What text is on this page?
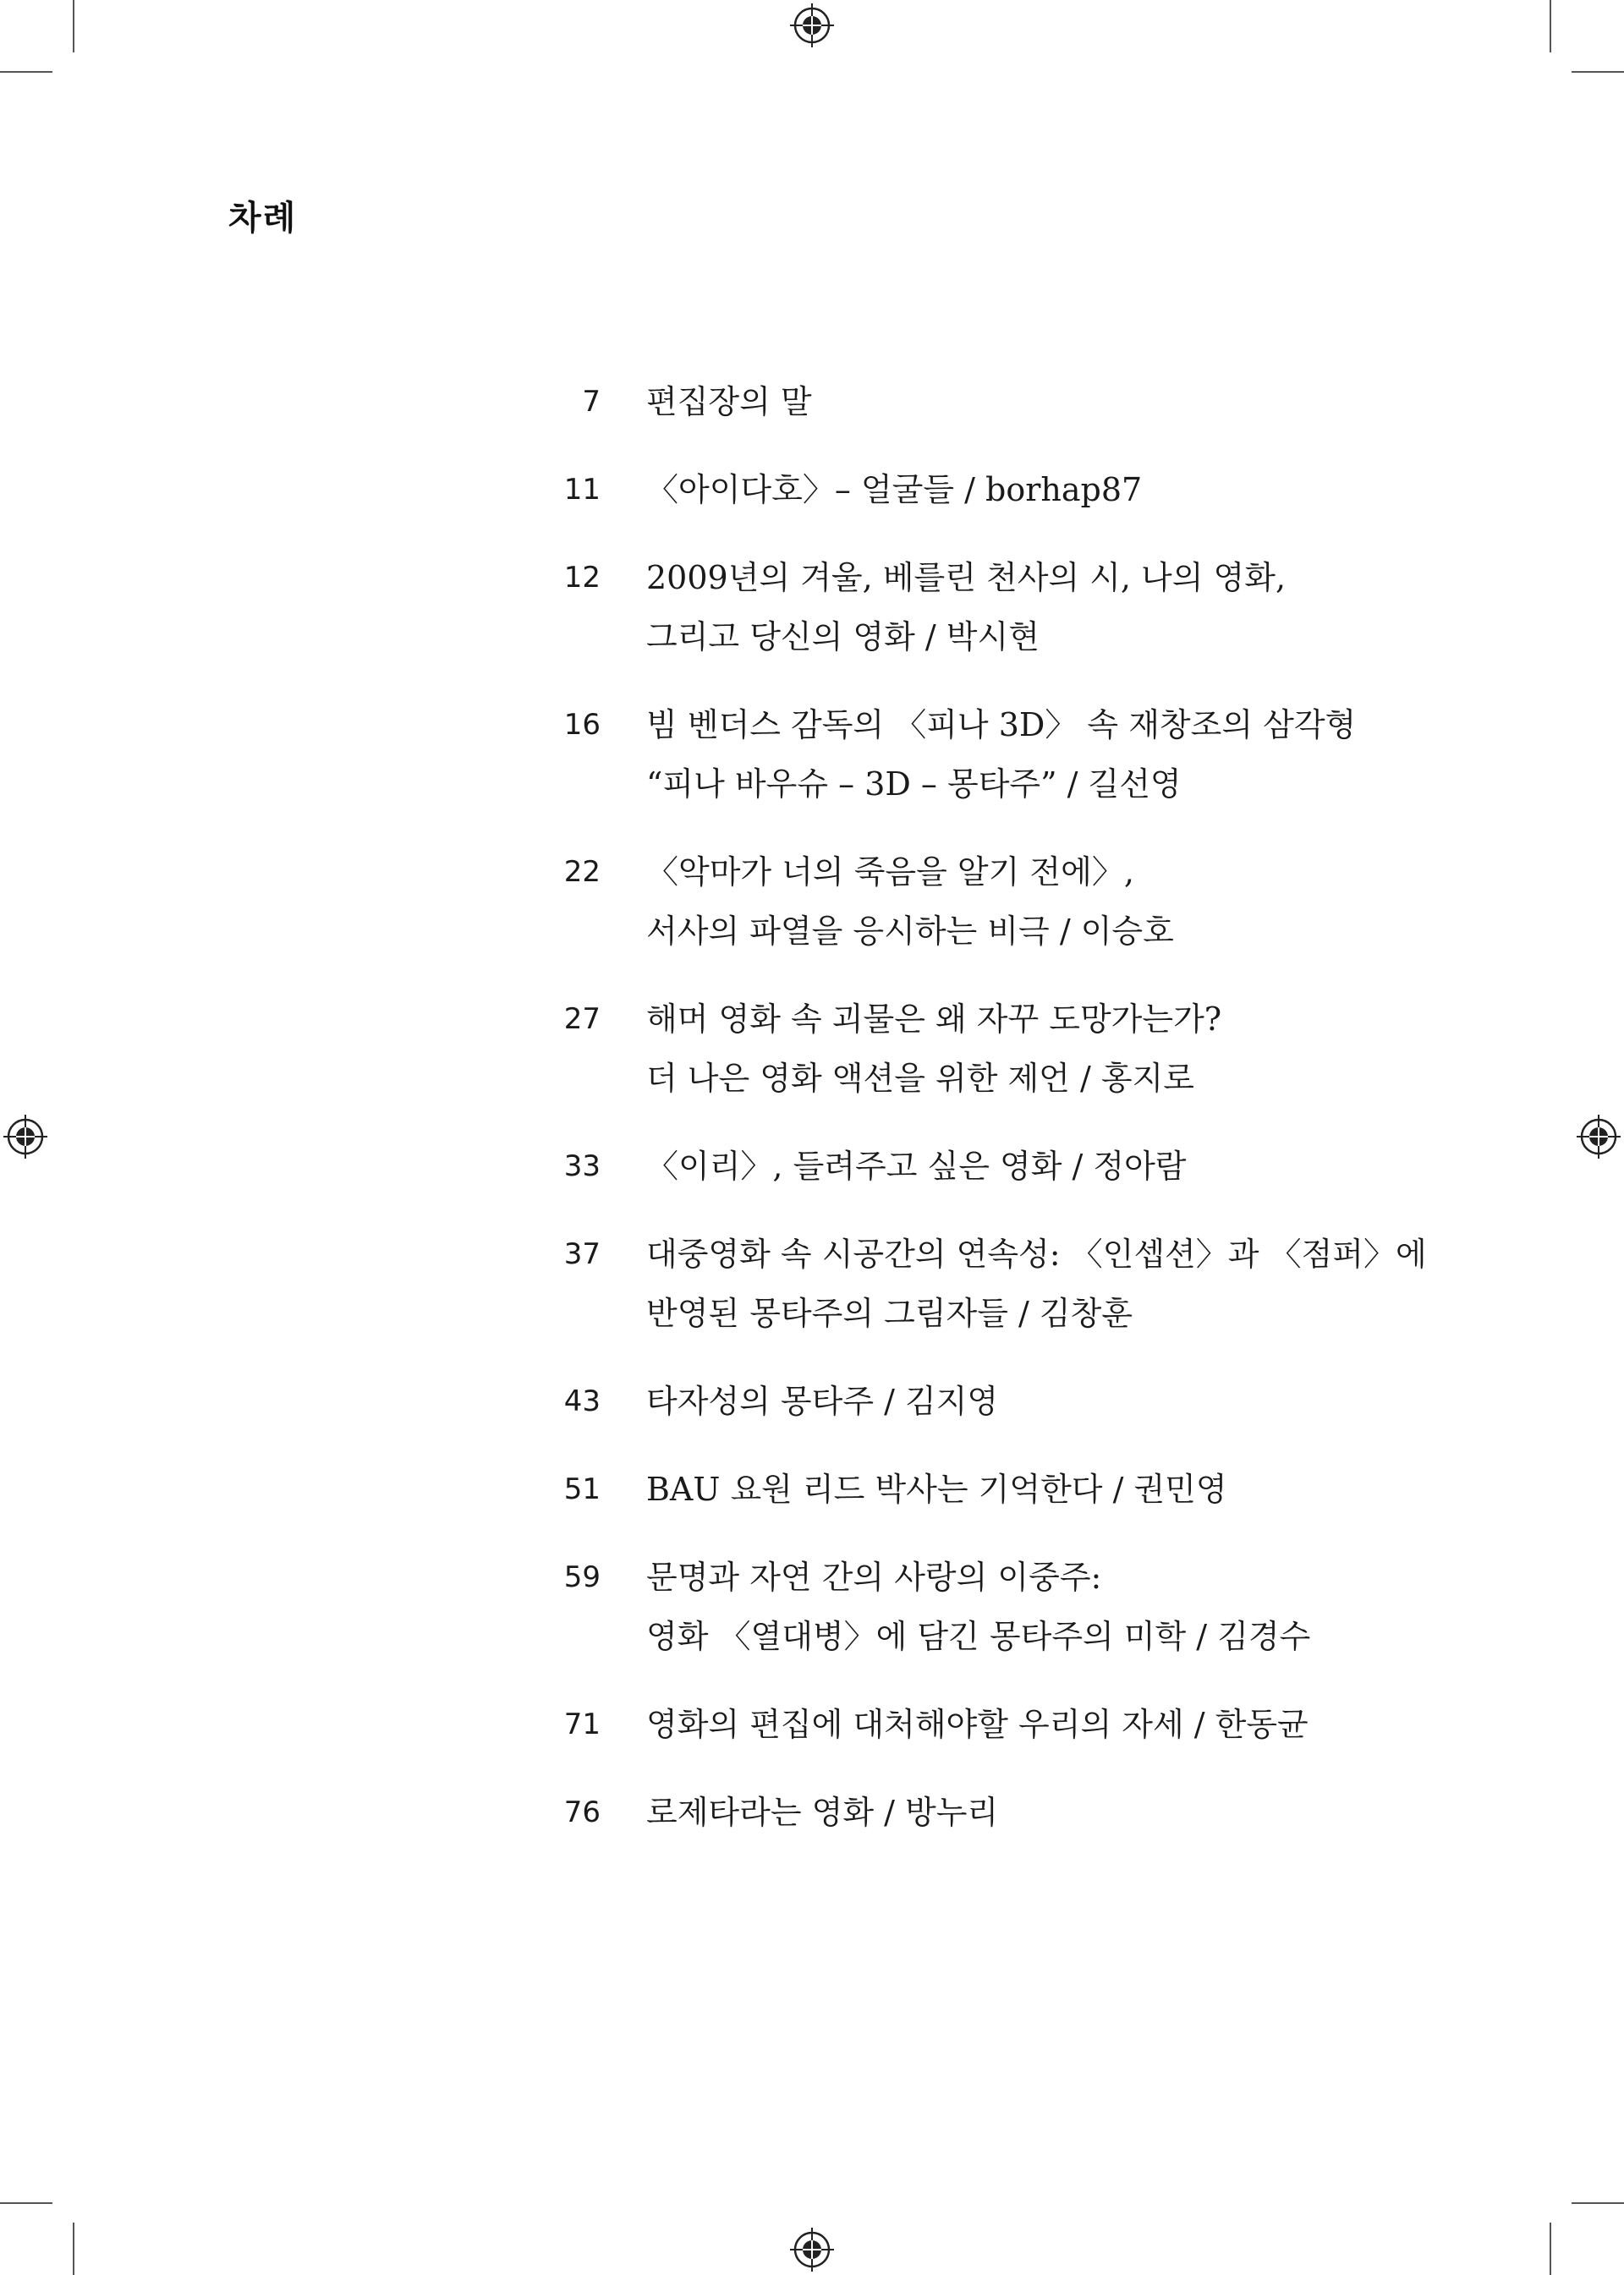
차례
7 편집장의 말
11 〈아이다호〉– 얼굴들 / borhap87
12 2009년의 겨울, 베를린 천사의 시, 나의 영화,
그리고 당신의 영화 / 박시현
16 빔 벤더스 감독의 〈피나 3D〉 속 재창조의 삼각형
“피나 바우슈 – 3D – 몽타주” / 길선영
22 〈악마가 너의 죽음을 알기 전에〉,
서사의 파열을 응시하는 비극 / 이승호
27 해머 영화 속 괴물은 왜 자꾸 도망가는가?
더 나은 영화 액션을 위한 제언 / 홍지로
33 〈이리〉, 들려주고 싶은 영화 / 정아람
37 대중영화 속 시공간의 연속성: 〈인셉션〉과 〈점퍼〉에
반영된 몽타주의 그림자들 / 김창훈
43 타자성의 몽타주 / 김지영
51 BAU 요원 리드 박사는 기억한다 / 권민영
59 문명과 자연 간의 사랑의 이중주:
영화 〈열대병〉에 담긴 몽타주의 미학 / 김경수
71 영화의 편집에 대처해야할 우리의 자세 / 한동균
76 로제타라는 영화 / 방누리
